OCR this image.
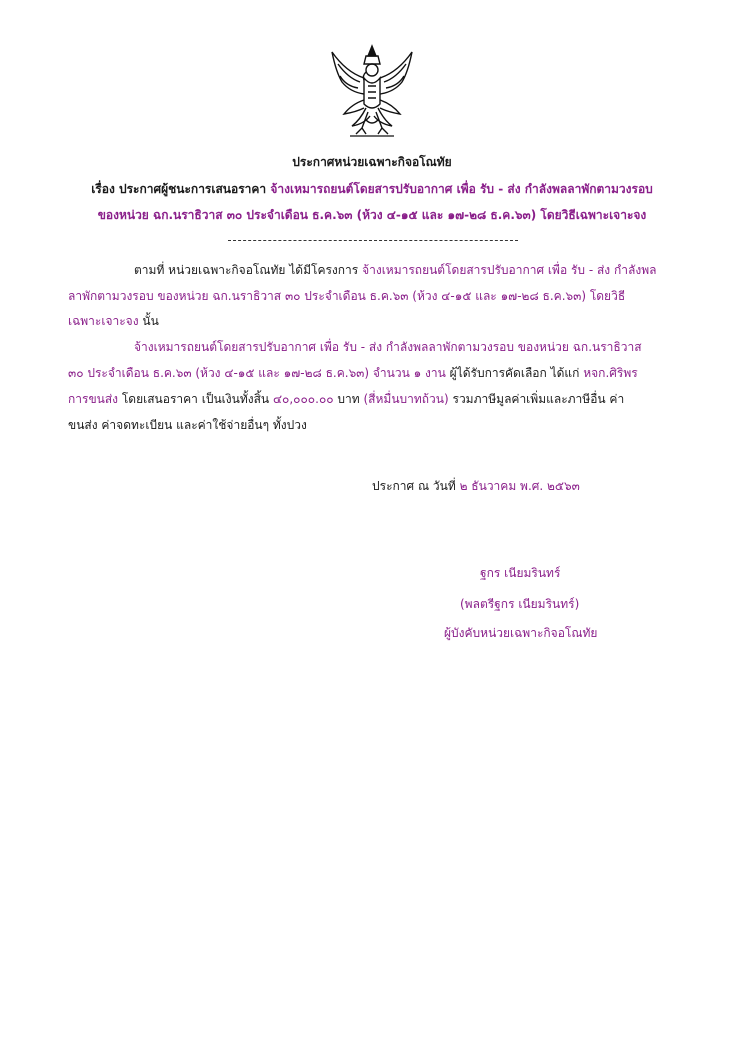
ประกาศหน่วยเฉพาะกิจอโณทัย
เรื่อง ประกาศผู้ชนะการเสนอราคา จ้างเหมารถยนต์โดยสารปรับอากาศ เพื่อ รับ - ส่ง กำลังพลลาพักตามวงรอบ
ของหน่วย ฉก.นราธิวาส ๓๐ ประจำเดือน ธ.ค.๖๓ (ห้วง ๔-๑๕ และ ๑๗-๒๘ ธ.ค.๖๓) โดยวิธีเฉพาะเจาะจง
ตามที่ หน่วยเฉพาะกิจอโณทัย ได้มีโครงการ จ้างเหมารถยนต์โดยสารปรับอากาศ เพื่อ รับ - ส่ง กำลังพล
ลาพักตามวงรอบ ของหน่วย ฉก.นราธิวาส ๓๐ ประจำเดือน ธ.ค.๖๓ (ห้วง ๔-๑๕ และ ๑๗-๒๘ ธ.ค.๖๓) โดยวิธี
เฉพาะเจาะจง นั้น
จ้างเหมารถยนต์โดยสารปรับอากาศ เพื่อ รับ - ส่ง กำลังพลลาพักตามวงรอบ ของหน่วย ฉก.นราธิวาส
๓๐ ประจำเดือน ธ.ค.๖๓ (ห้วง ๔-๑๕ และ ๑๗-๒๘ ธ.ค.๖๓) จำนวน ๑ งาน ผู้ได้รับการคัดเลือก ได้แก่ หจก.ศิริพร
การขนส่ง โดยเสนอราคา เป็นเงินทั้งสิ้น ๔๐,๐๐๐.๐๐ บาท (สี่หมื่นบาทถ้วน) รวมภาษีมูลค่าเพิ่มและภาษีอื่น ค่า
ขนส่ง ค่าจดทะเบียน และค่าใช้จ่ายอื่นๆ ทั้งปวง
ประกาศ ณ วันที่ ๒ ธันวาคม พ.ศ. ๒๕๖๓
ฐกร เนียมรินทร์
(พลตรีฐกร เนียมรินทร์)
ผู้บังคับหน่วยเฉพาะกิจอโณทัย
